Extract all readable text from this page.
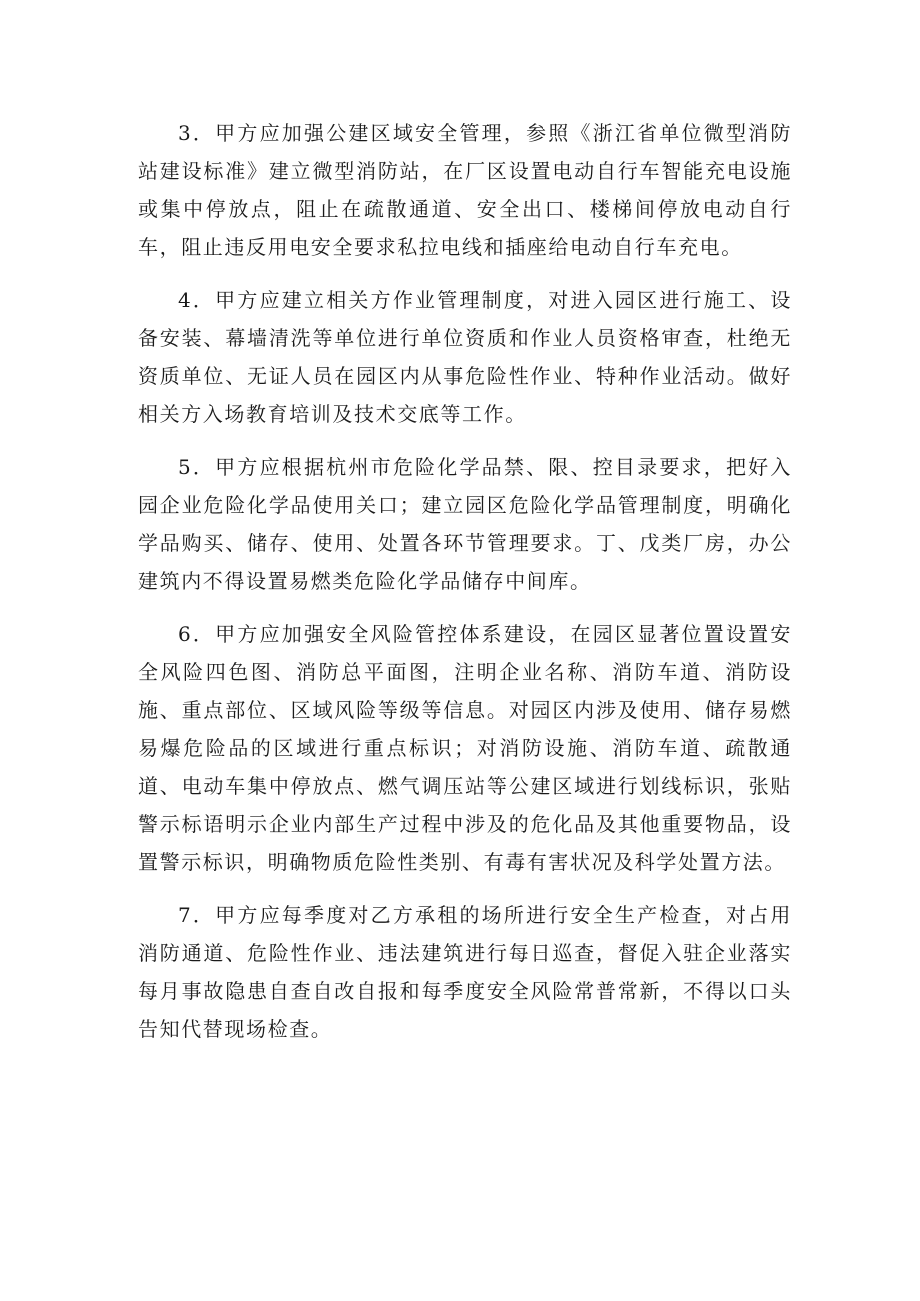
3．甲方应加强公建区域安全管理，参照《浙江省单位微型消防站建设标准》建立微型消防站，在厂区设置电动自行车智能充电设施或集中停放点，阻止在疏散通道、安全出口、楼梯间停放电动自行车，阻止违反用电安全要求私拉电线和插座给电动自行车充电。

4．甲方应建立相关方作业管理制度，对进入园区进行施工、设备安装、幕墙清洗等单位进行单位资质和作业人员资格审查，杜绝无资质单位、无证人员在园区内从事危险性作业、特种作业活动。做好相关方入场教育培训及技术交底等工作。

5．甲方应根据杭州市危险化学品禁、限、控目录要求，把好入园企业危险化学品使用关口；建立园区危险化学品管理制度，明确化学品购买、储存、使用、处置各环节管理要求。丁、戊类厂房，办公建筑内不得设置易燃类危险化学品储存中间库。

6．甲方应加强安全风险管控体系建设，在园区显著位置设置安全风险四色图、消防总平面图，注明企业名称、消防车道、消防设施、重点部位、区域风险等级等信息。对园区内涉及使用、储存易燃易爆危险品的区域进行重点标识；对消防设施、消防车道、疏散通道、电动车集中停放点、燃气调压站等公建区域进行划线标识，张贴警示标语明示企业内部生产过程中涉及的危化品及其他重要物品，设置警示标识，明确物质危险性类别、有毒有害状况及科学处置方法。

7．甲方应每季度对乙方承租的场所进行安全生产检查，对占用消防通道、危险性作业、违法建筑进行每日巡查，督促入驻企业落实每月事故隐患自查自改自报和每季度安全风险常普常新，不得以口头告知代替现场检查。
